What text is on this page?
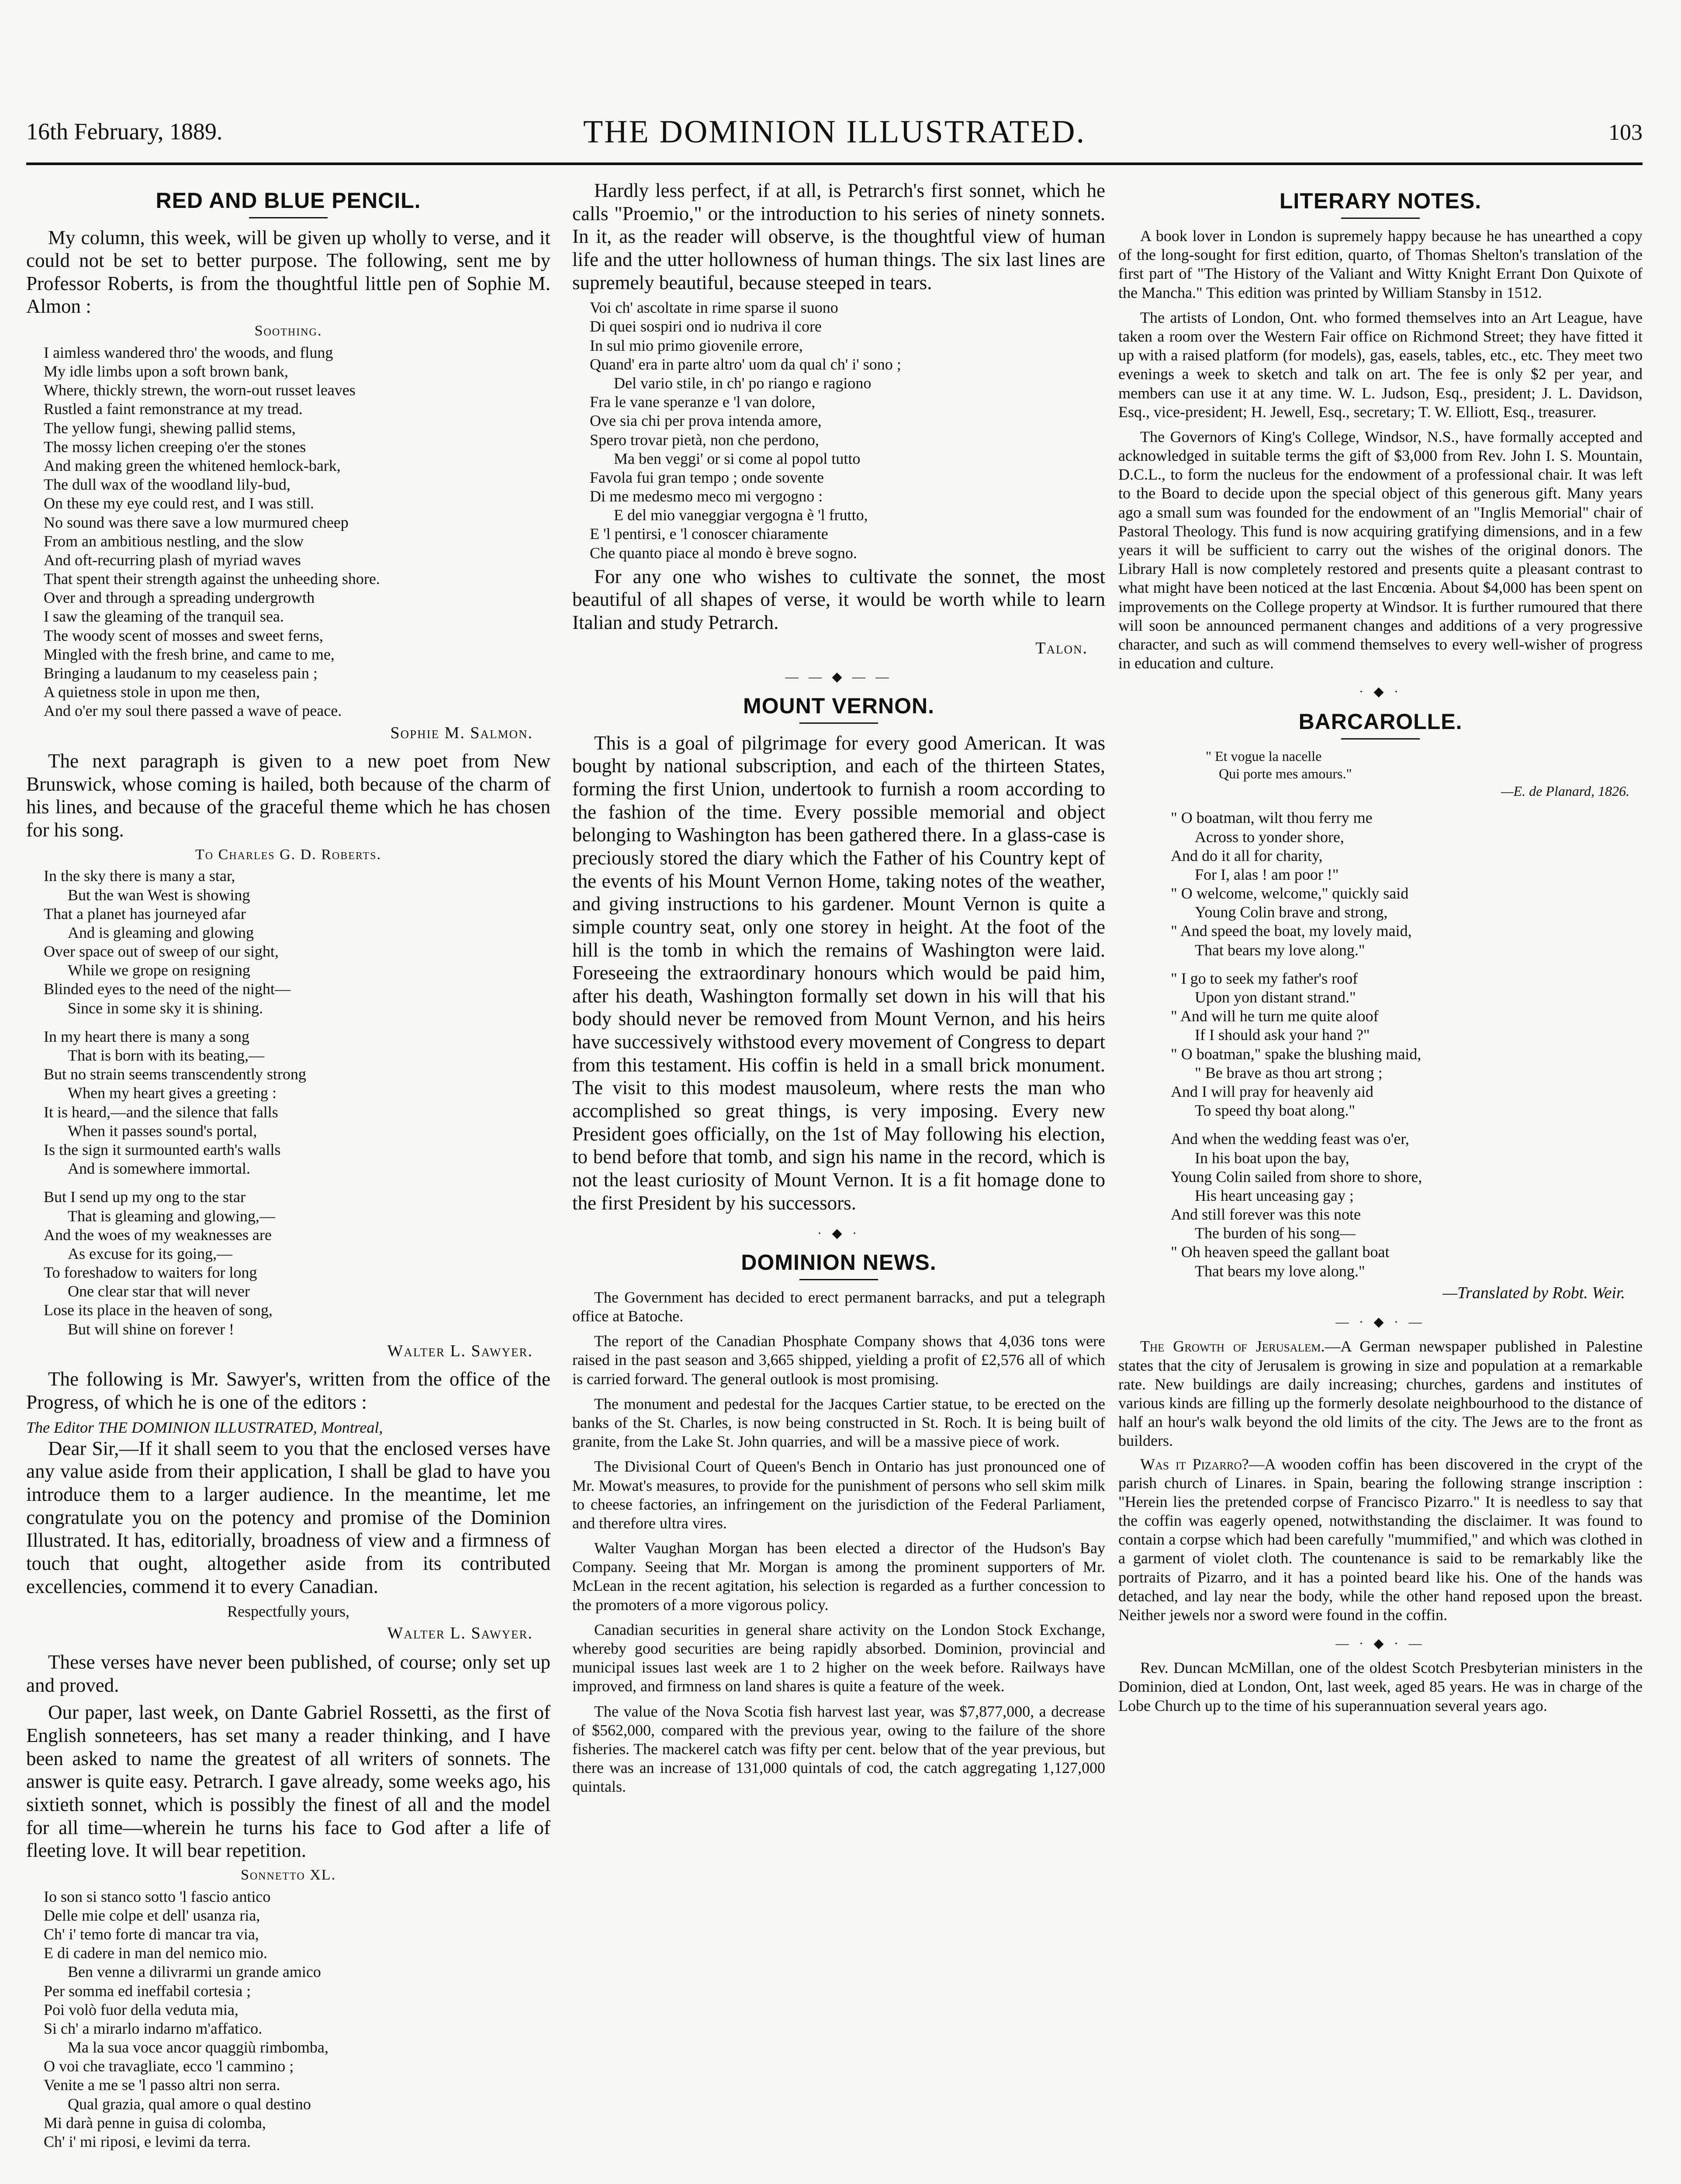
16th February, 1889.	THE DOMINION ILLUSTRATED.	103
RED AND BLUE PENCIL.

My column, this week, will be given up wholly to verse, and it could not be set to better purpose. The following, sent me by Professor Roberts, is from the thoughtful little pen of Sophie M. Almon :

Soothing.
I aimless wandered thro' the woods, and flung
My idle limbs upon a soft brown bank,
Where, thickly strewn, the worn-out russet leaves
Rustled a faint remonstrance at my tread.
The yellow fungi, shewing pallid stems,
The mossy lichen creeping o'er the stones
And making green the whitened hemlock-bark,
The dull wax of the woodland lily-bud,
On these my eye could rest, and I was still.
No sound was there save a low murmured cheep
From an ambitious nestling, and the slow
And oft-recurring plash of myriad waves
That spent their strength against the unheeding shore.
Over and through a spreading undergrowth
I saw the gleaming of the tranquil sea.
The woody scent of mosses and sweet ferns,
Mingled with the fresh brine, and came to me,
Bringing a laudanum to my ceaseless pain ;
A quietness stole in upon me then,
And o'er my soul there passed a wave of peace.
Sophie M. Salmon.

The next paragraph is given to a new poet from New Brunswick, whose coming is hailed, both because of the charm of his lines, and because of the graceful theme which he has chosen for his song.

To Charles G. D. Roberts.
In the sky there is many a star,
But the wan West is showing
That a planet has journeyed afar
And is gleaming and glowing
Over space out of sweep of our sight,
While we grope on resigning
Blinded eyes to the need of the night—
Since in some sky it is shining.
In my heart there is many a song
That is born with its beating,—
But no strain seems transcendently strong
When my heart gives a greeting :
It is heard,—and the silence that falls
When it passes sound's portal,
Is the sign it surmounted earth's walls
And is somewhere immortal.
But I send up my ong to the star
That is gleaming and glowing,—
And the woes of my weaknesses are
As excuse for its going,—
To foreshadow to waiters for long
One clear star that will never
Lose its place in the heaven of song,
But will shine on forever !
Walter L. Sawyer.

The following is Mr. Sawyer's, written from the office of the Progress, of which he is one of the editors :

The Editor THE DOMINION ILLUSTRATED, Montreal,

Dear Sir,—If it shall seem to you that the enclosed verses have any value aside from their application, I shall be glad to have you introduce them to a larger audience. In the meantime, let me congratulate you on the potency and promise of the Dominion Illustrated. It has, editorially, broadness of view and a firmness of touch that ought, altogether aside from its contributed excellencies, commend it to every Canadian.

Respectfully yours,
Walter L. Sawyer.

These verses have never been published, of course; only set up and proved.

Our paper, last week, on Dante Gabriel Rossetti, as the first of English sonneteers, has set many a reader thinking, and I have been asked to name the greatest of all writers of sonnets. The answer is quite easy. Petrarch. I gave already, some weeks ago, his sixtieth sonnet, which is possibly the finest of all and the model for all time—wherein he turns his face to God after a life of fleeting love. It will bear repetition.

Sonnetto XL.
Io son si stanco sotto 'l fascio antico
Delle mie colpe et dell' usanza ria,
Ch' i' temo forte di mancar tra via,
E di cadere in man del nemico mio.
Ben venne a dilivrarmi un grande amico
Per somma ed ineffabil cortesia ;
Poi volò fuor della veduta mia,
Si ch' a mirarlo indarno m'affatico.
Ma la sua voce ancor quaggiù rimbomba,
O voi che travagliate, ecco 'l cammino ;
Venite a me se 'l passo altri non serra.
Qual grazia, qual amore o qual destino
Mi darà penne in guisa di colomba,
Ch' i' mi riposi, e levimi da terra.

Hardly less perfect, if at all, is Petrarch's first sonnet, which he calls "Proemio," or the introduction to his series of ninety sonnets. In it, as the reader will observe, is the thoughtful view of human life and the utter hollowness of human things. The six last lines are supremely beautiful, because steeped in tears.

Voi ch' ascoltate in rime sparse il suono
Di quei sospiri ond io nudriva il core
In sul mio primo giovenile errore,
Quand' era in parte altro' uom da qual ch' i' sono ;
Del vario stile, in ch' po riango e ragiono
Fra le vane speranze e 'l van dolore,
Ove sia chi per prova intenda amore,
Spero trovar pietà, non che perdono,
Ma ben veggi' or si come al popol tutto
Favola fui gran tempo ; onde sovente
Di me medesmo meco mi vergogno :
E del mio vaneggiar vergogna è 'l frutto,
E 'l pentirsi, e 'l conoscer chiaramente
Che quanto piace al mondo è breve sogno.

For any one who wishes to cultivate the sonnet, the most beautiful of all shapes of verse, it would be worth while to learn Italian and study Petrarch.

Talon.
— — ◆ — —
MOUNT VERNON.

This is a goal of pilgrimage for every good American. It was bought by national subscription, and each of the thirteen States, forming the first Union, undertook to furnish a room according to the fashion of the time. Every possible memorial and object belonging to Washington has been gathered there. In a glass-case is preciously stored the diary which the Father of his Country kept of the events of his Mount Vernon Home, taking notes of the weather, and giving instructions to his gardener. Mount Vernon is quite a simple country seat, only one storey in height. At the foot of the hill is the tomb in which the remains of Washington were laid. Foreseeing the extraordinary honours which would be paid him, after his death, Washington formally set down in his will that his body should never be removed from Mount Vernon, and his heirs have successively withstood every movement of Congress to depart from this testament. His coffin is held in a small brick monument. The visit to this modest mausoleum, where rests the man who accomplished so great things, is very imposing. Every new President goes officially, on the 1st of May following his election, to bend before that tomb, and sign his name in the record, which is not the least curiosity of Mount Vernon. It is a fit homage done to the first President by his successors.

· ◆ ·
DOMINION NEWS.

The Government has decided to erect permanent barracks, and put a telegraph office at Batoche.

The report of the Canadian Phosphate Company shows that 4,036 tons were raised in the past season and 3,665 shipped, yielding a profit of £2,576 all of which is carried forward. The general outlook is most promising.

The monument and pedestal for the Jacques Cartier statue, to be erected on the banks of the St. Charles, is now being constructed in St. Roch. It is being built of granite, from the Lake St. John quarries, and will be a massive piece of work.

The Divisional Court of Queen's Bench in Ontario has just pronounced one of Mr. Mowat's measures, to provide for the punishment of persons who sell skim milk to cheese factories, an infringement on the jurisdiction of the Federal Parliament, and therefore ultra vires.

Walter Vaughan Morgan has been elected a director of the Hudson's Bay Company. Seeing that Mr. Morgan is among the prominent supporters of Mr. McLean in the recent agitation, his selection is regarded as a further concession to the promoters of a more vigorous policy.

Canadian securities in general share activity on the London Stock Exchange, whereby good securities are being rapidly absorbed. Dominion, provincial and municipal issues last week are 1 to 2 higher on the week before. Railways have improved, and firmness on land shares is quite a feature of the week.

The value of the Nova Scotia fish harvest last year, was $7,877,000, a decrease of $562,000, compared with the previous year, owing to the failure of the shore fisheries. The mackerel catch was fifty per cent. below that of the year previous, but there was an increase of 131,000 quintals of cod, the catch aggregating 1,127,000 quintals.

LITERARY NOTES.

A book lover in London is supremely happy because he has unearthed a copy of the long-sought for first edition, quarto, of Thomas Shelton's translation of the first part of "The History of the Valiant and Witty Knight Errant Don Quixote of the Mancha." This edition was printed by William Stansby in 1512.

The artists of London, Ont. who formed themselves into an Art League, have taken a room over the Western Fair office on Richmond Street; they have fitted it up with a raised platform (for models), gas, easels, tables, etc., etc. They meet two evenings a week to sketch and talk on art. The fee is only $2 per year, and members can use it at any time. W. L. Judson, Esq., president; J. L. Davidson, Esq., vice-president; H. Jewell, Esq., secretary; T. W. Elliott, Esq., treasurer.

The Governors of King's College, Windsor, N.S., have formally accepted and acknowledged in suitable terms the gift of $3,000 from Rev. John I. S. Mountain, D.C.L., to form the nucleus for the endowment of a professional chair. It was left to the Board to decide upon the special object of this generous gift. Many years ago a small sum was founded for the endowment of an "Inglis Memorial" chair of Pastoral Theology. This fund is now acquiring gratifying dimensions, and in a few years it will be sufficient to carry out the wishes of the original donors. The Library Hall is now completely restored and presents quite a pleasant contrast to what might have been noticed at the last Encœnia. About $4,000 has been spent on improvements on the College property at Windsor. It is further rumoured that there will soon be announced permanent changes and additions of a very progressive character, and such as will commend themselves to every well-wisher of progress in education and culture.

· ◆ ·
BARCAROLLE.
" Et vogue la nacelle
Qui porte mes amours."
—E. de Planard, 1826.
" O boatman, wilt thou ferry me
Across to yonder shore,
And do it all for charity,
For I, alas ! am poor !"
" O welcome, welcome," quickly said
Young Colin brave and strong,
" And speed the boat, my lovely maid,
That bears my love along."
" I go to seek my father's roof
Upon yon distant strand."
" And will he turn me quite aloof
If I should ask your hand ?"
" O boatman," spake the blushing maid,
" Be brave as thou art strong ;
And I will pray for heavenly aid
To speed thy boat along."
And when the wedding feast was o'er,
In his boat upon the bay,
Young Colin sailed from shore to shore,
His heart unceasing gay ;
And still forever was this note
The burden of his song—
" Oh heaven speed the gallant boat
That bears my love along."
—Translated by Robt. Weir.
— · ◆ · —

The Growth of Jerusalem.—A German newspaper published in Palestine states that the city of Jerusalem is growing in size and population at a remarkable rate. New buildings are daily increasing; churches, gardens and institutes of various kinds are filling up the formerly desolate neighbourhood to the distance of half an hour's walk beyond the old limits of the city. The Jews are to the front as builders.

Was it Pizarro?—A wooden coffin has been discovered in the crypt of the parish church of Linares. in Spain, bearing the following strange inscription : "Herein lies the pretended corpse of Francisco Pizarro." It is needless to say that the coffin was eagerly opened, notwithstanding the disclaimer. It was found to contain a corpse which had been carefully "mummified," and which was clothed in a garment of violet cloth. The countenance is said to be remarkably like the portraits of Pizarro, and it has a pointed beard like his. One of the hands was detached, and lay near the body, while the other hand reposed upon the breast. Neither jewels nor a sword were found in the coffin.

— · ◆ · —

Rev. Duncan McMillan, one of the oldest Scotch Presbyterian ministers in the Dominion, died at London, Ont, last week, aged 85 years. He was in charge of the Lobe Church up to the time of his superannuation several years ago.
